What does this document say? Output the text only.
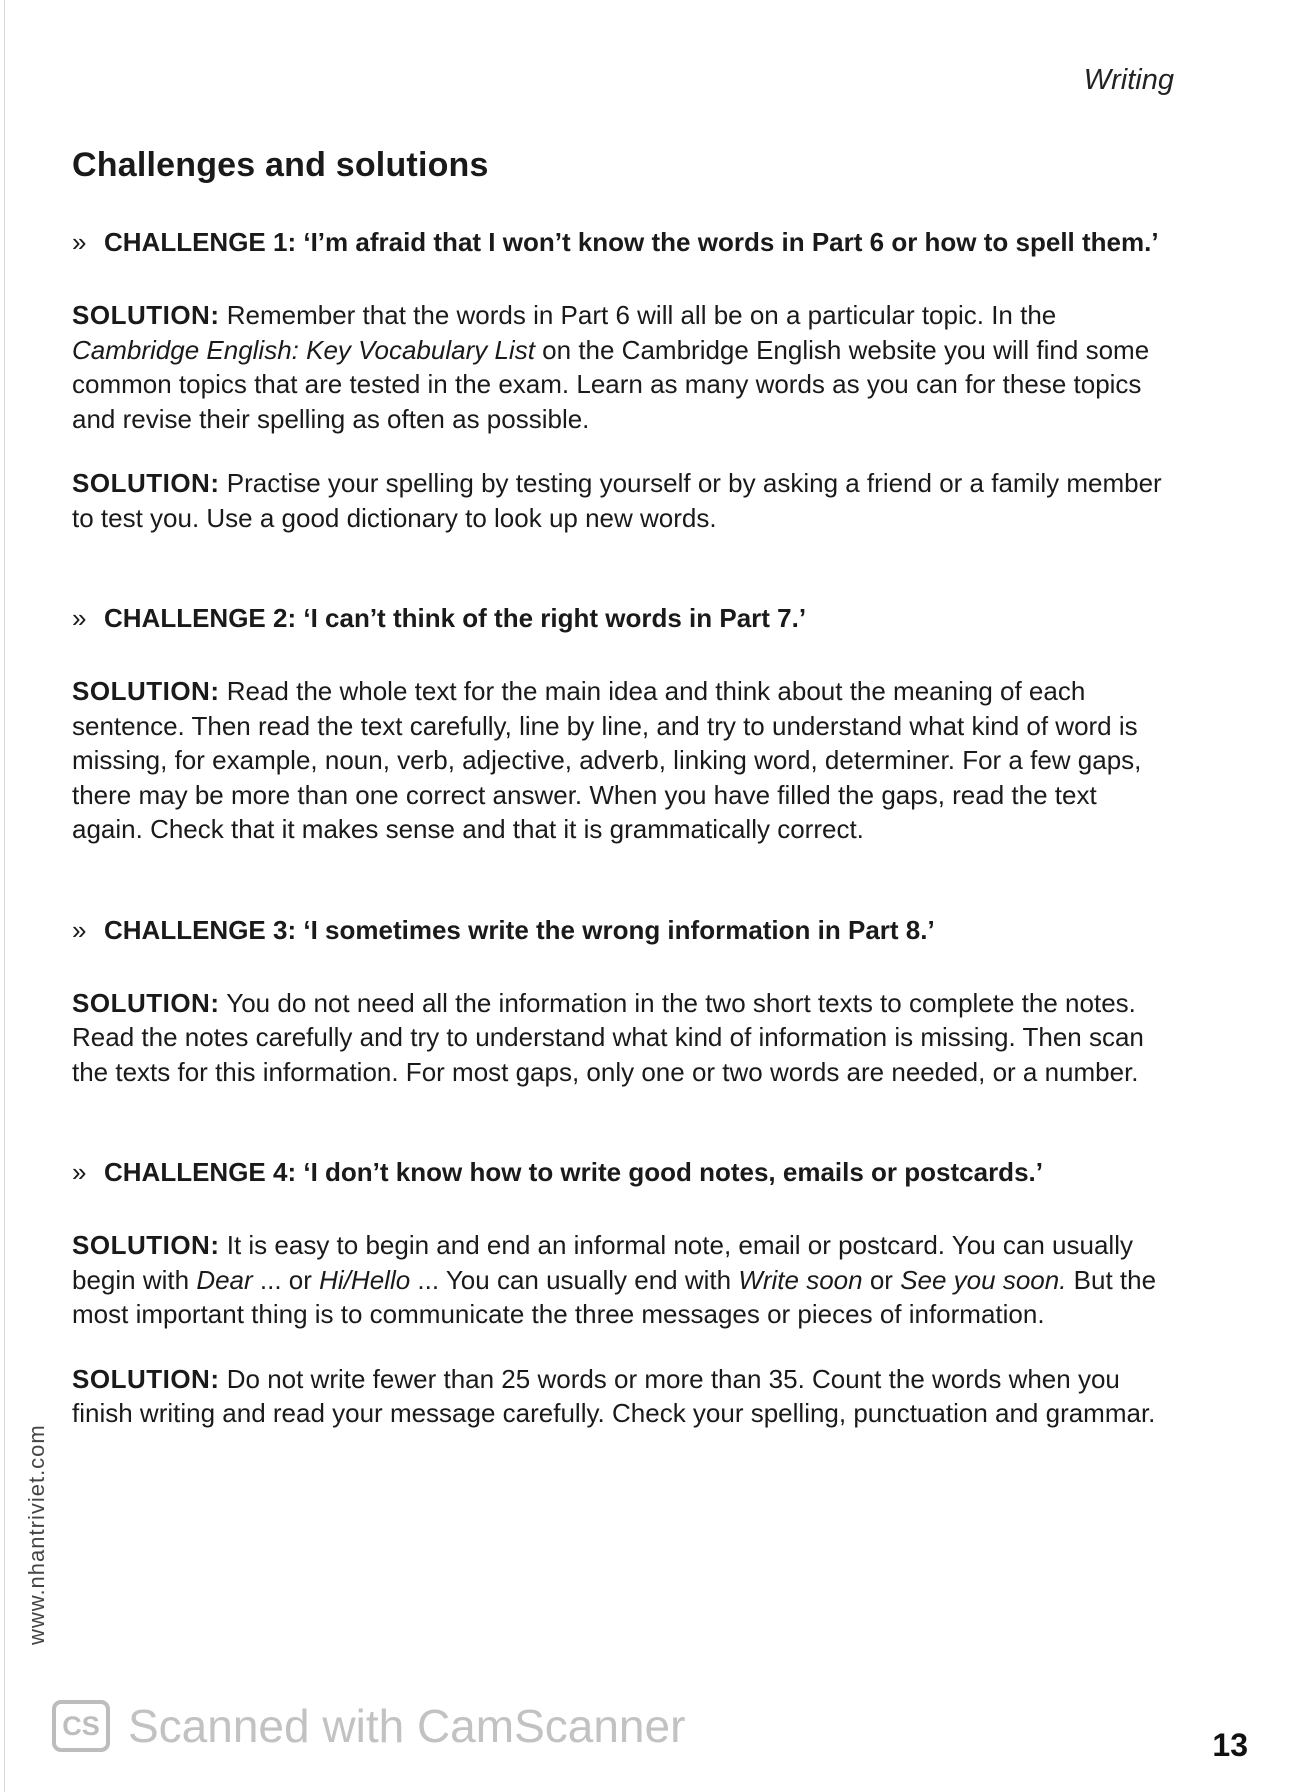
Writing
Challenges and solutions

» CHALLENGE 1: ‘I’m afraid that I won’t know the words in Part 6 or how to spell them.’

SOLUTION: Remember that the words in Part 6 will all be on a particular topic. In the Cambridge English: Key Vocabulary List on the Cambridge English website you will find some common topics that are tested in the exam. Learn as many words as you can for these topics and revise their spelling as often as possible.

SOLUTION: Practise your spelling by testing yourself or by asking a friend or a family member to test you. Use a good dictionary to look up new words.

» CHALLENGE 2: ‘I can’t think of the right words in Part 7.’

SOLUTION: Read the whole text for the main idea and think about the meaning of each sentence. Then read the text carefully, line by line, and try to understand what kind of word is missing, for example, noun, verb, adjective, adverb, linking word, determiner. For a few gaps, there may be more than one correct answer. When you have filled the gaps, read the text again. Check that it makes sense and that it is grammatically correct.

» CHALLENGE 3: ‘I sometimes write the wrong information in Part 8.’

SOLUTION: You do not need all the information in the two short texts to complete the notes. Read the notes carefully and try to understand what kind of information is missing. Then scan the texts for this information. For most gaps, only one or two words are needed, or a number.

» CHALLENGE 4: ‘I don’t know how to write good notes, emails or postcards.’

SOLUTION: It is easy to begin and end an informal note, email or postcard. You can usually begin with Dear ... or Hi/Hello ... You can usually end with Write soon or See you soon. But the most important thing is to communicate the three messages or pieces of information.

SOLUTION: Do not write fewer than 25 words or more than 35. Count the words when you finish writing and read your message carefully. Check your spelling, punctuation and grammar.

www.nhantriviet.com
CS Scanned with CamScanner	13
